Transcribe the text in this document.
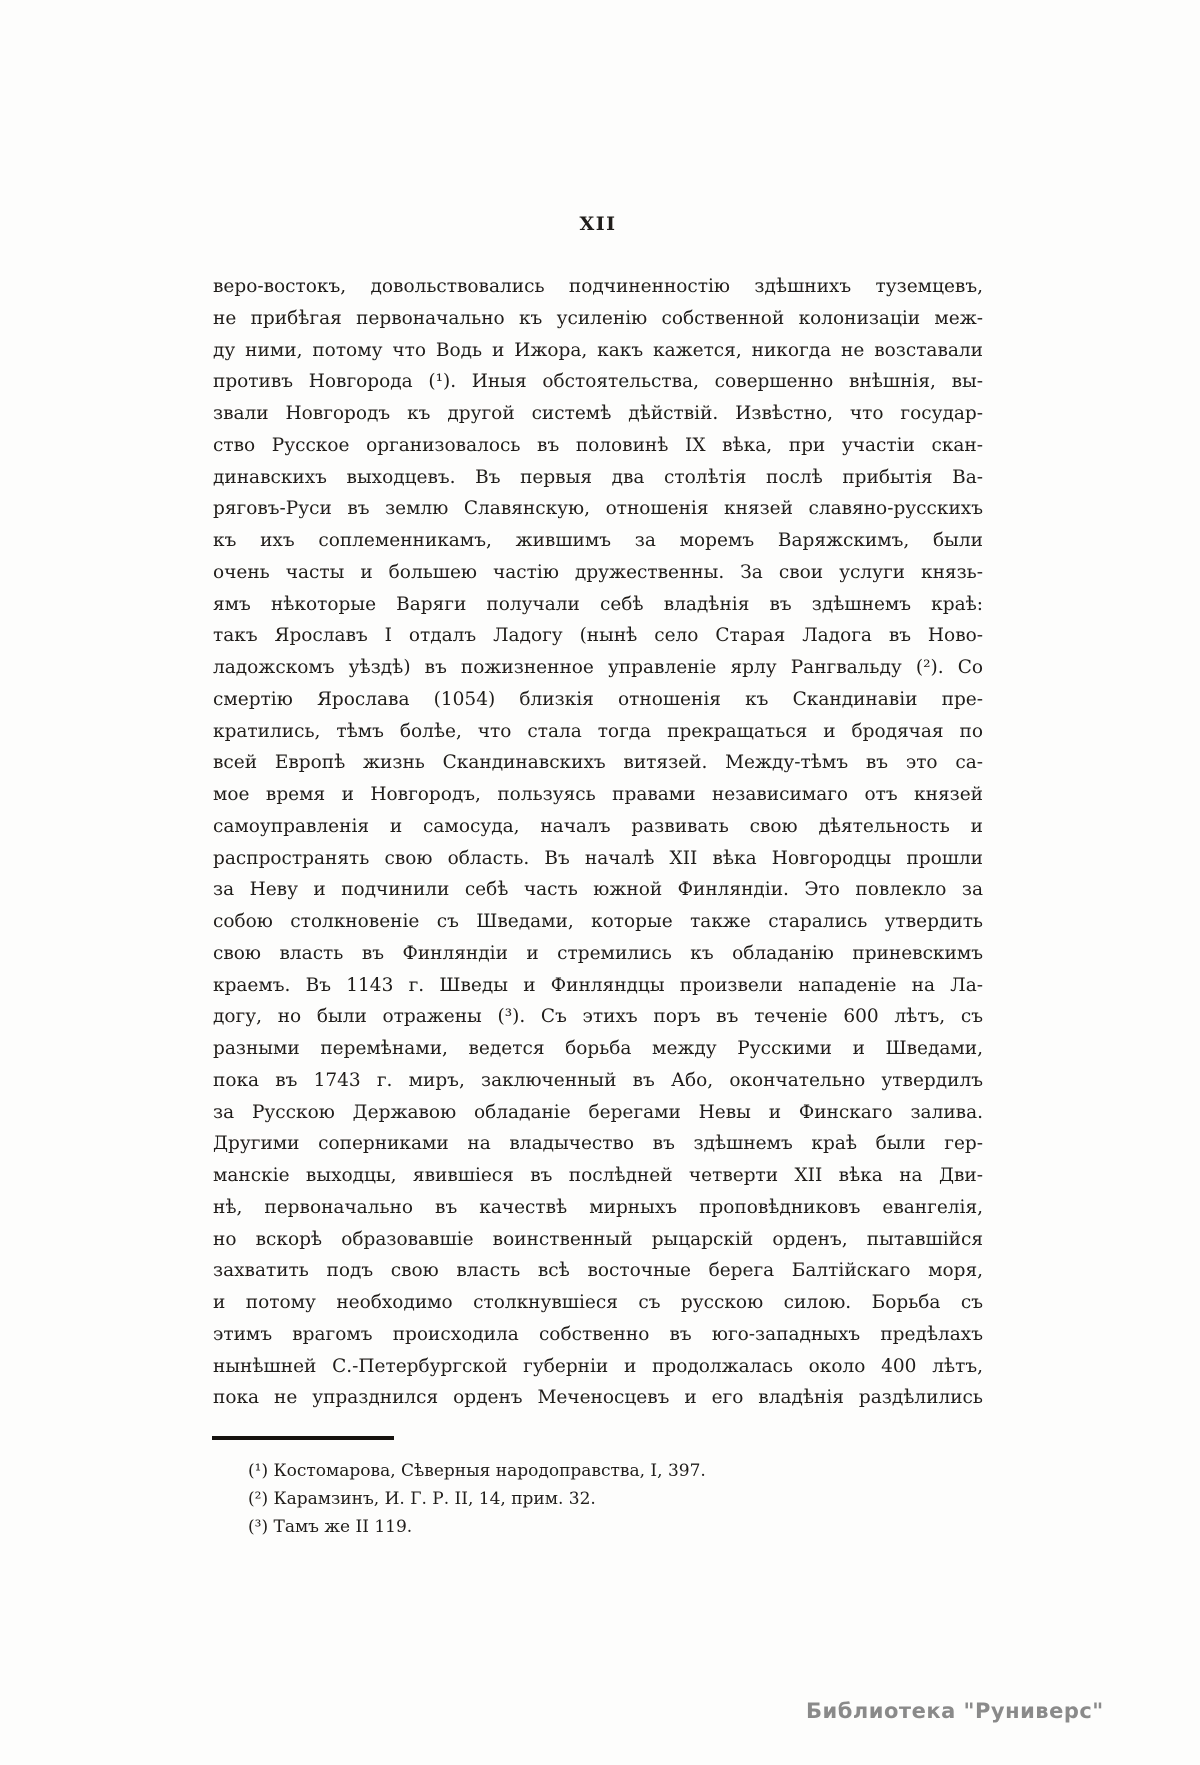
XII
веро-востокъ, довольствовались подчиненностію здѣшнихъ туземцевъ,
не прибѣгая первоначально къ усиленію собственной колонизаціи меж-
ду ними, потому что Водь и Ижора, какъ кажется, никогда не возставали
противъ Новгорода (¹). Иныя обстоятельства, совершенно внѣшнія, вы-
звали Новгородъ къ другой системѣ дѣйствій. Извѣстно, что государ-
ство Русское организовалось въ половинѣ IX вѣка, при участіи скан-
динавскихъ выходцевъ. Въ первыя два столѣтія послѣ прибытія Ва-
ряговъ-Руси въ землю Славянскую, отношенія князей славяно-русскихъ
къ ихъ соплеменникамъ, жившимъ за моремъ Варяжскимъ, были
очень часты и большею частію дружественны. За свои услуги князь-
ямъ нѣкоторые Варяги получали себѣ владѣнія въ здѣшнемъ краѣ:
такъ Ярославъ I отдалъ Ладогу (нынѣ село Старая Ладога въ Ново-
ладожскомъ уѣздѣ) въ пожизненное управленіе ярлу Рангвальду (²). Со
смертію Ярослава (1054) близкія отношенія къ Скандинавіи пре-
кратились, тѣмъ болѣе, что стала тогда прекращаться и бродячая по
всей Европѣ жизнь Скандинавскихъ витязей. Между-тѣмъ въ это са-
мое время и Новгородъ, пользуясь правами независимаго отъ князей
самоуправленія и самосуда, началъ развивать свою дѣятельность и
распространять свою область. Въ началѣ XII вѣка Новгородцы прошли
за Неву и подчинили себѣ часть южной Финляндіи. Это повлекло за
собою столкновеніе съ Шведами, которые также старались утвердить
свою власть въ Финляндіи и стремились къ обладанію приневскимъ
краемъ. Въ 1143 г. Шведы и Финляндцы произвели нападеніе на Ла-
догу, но были отражены (³). Съ этихъ поръ въ теченіе 600 лѣтъ, съ
разными перемѣнами, ведется борьба между Русскими и Шведами,
пока въ 1743 г. миръ, заключенный въ Або, окончательно утвердилъ
за Русскою Державою обладаніе берегами Невы и Финскаго залива.
Другими соперниками на владычество въ здѣшнемъ краѣ были гер-
манскіе выходцы, явившіеся въ послѣдней четверти XII вѣка на Дви-
нѣ, первоначально въ качествѣ мирныхъ проповѣдниковъ евангелія,
но вскорѣ образовавшіе воинственный рыцарскій орденъ, пытавшійся
захватить подъ свою власть всѣ восточные берега Балтійскаго моря,
и потому необходимо столкнувшіеся съ русскою силою. Борьба съ
этимъ врагомъ происходила собственно въ юго-западныхъ предѣлахъ
нынѣшней С.-Петербургской губерніи и продолжалась около 400 лѣтъ,
пока не упразднился орденъ Меченосцевъ и его владѣнія раздѣлились
(¹) Костомарова, Сѣверныя народоправства, I, 397.
(²) Карамзинъ, И. Г. Р. II, 14, прим. 32.
(³) Тамъ же II 119.
Библиотека "Руниверс"
